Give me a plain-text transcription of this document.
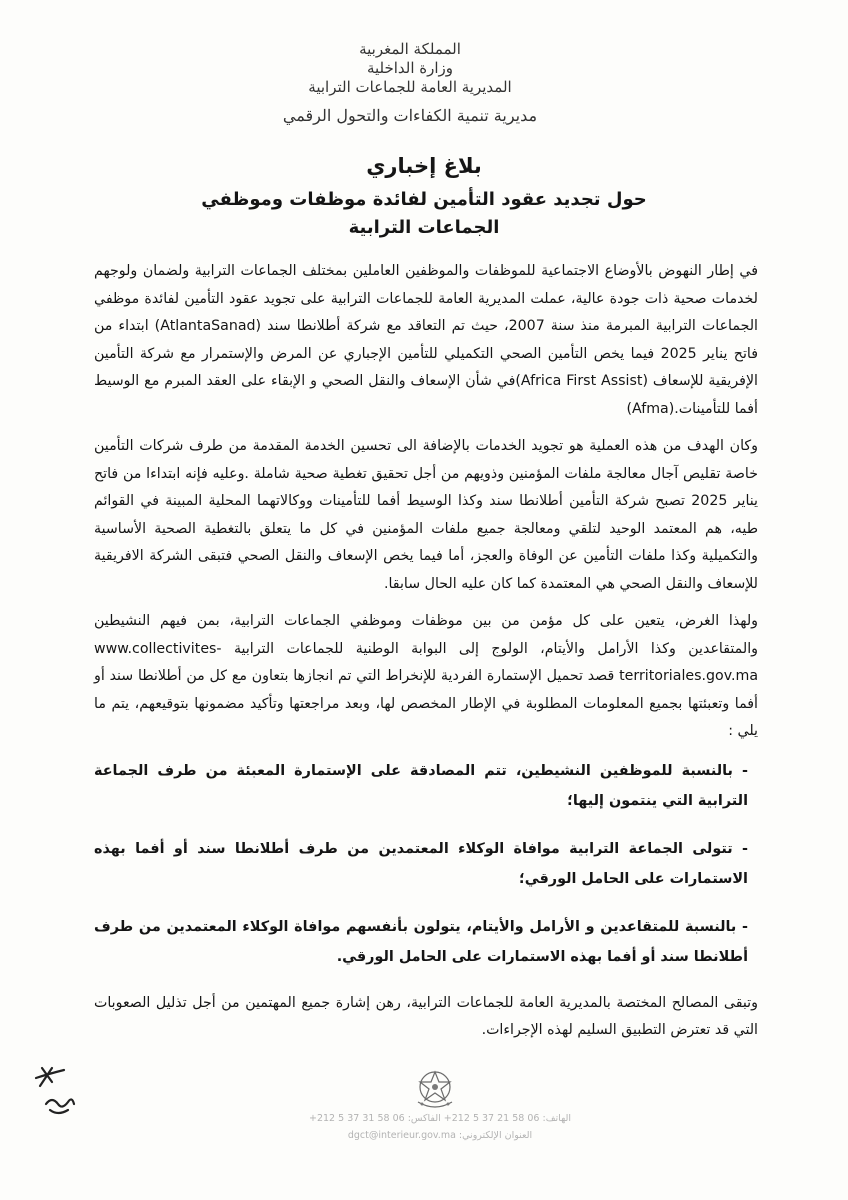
المملكة المغربية
وزارة الداخلية
المديرية العامة للجماعات الترابية
مديرية تنمية الكفاءات والتحول الرقمي
بلاغ إخباري
حول تجديد عقود التأمين لفائدة موظفات وموظفي
الجماعات الترابية

في إطار النهوض بالأوضاع الاجتماعية للموظفات والموظفين العاملين بمختلف الجماعات الترابية ولضمان ولوجهم لخدمات صحية ذات جودة عالية، عملت المديرية العامة للجماعات الترابية على تجويد عقود التأمين لفائدة موظفي الجماعات الترابية المبرمة منذ سنة 2007، حيث تم التعاقد مع شركة أطلانطا سند (AtlantaSanad) ابتداء من فاتح يناير 2025 فيما يخص التأمين الصحي التكميلي للتأمين الإجباري عن المرض والإستمرار مع شركة التأمين الإفريقية للإسعاف (Africa First Assist)في شأن الإسعاف والنقل الصحي و الإبقاء على العقد المبرم مع الوسيط أفما للتأمينات.(Afma)

وكان الهدف من هذه العملية هو تجويد الخدمات بالإضافة الى تحسين الخدمة المقدمة من طرف شركات التأمين خاصة تقليص آجال معالجة ملفات المؤمنين وذويهم من أجل تحقيق تغطية صحية شاملة .وعليه فإنه ابتداءا من فاتح يناير 2025 تصبح شركة التأمين أطلانطا سند وكذا الوسيط أفما للتأمينات ووكالاتهما المحلية المبينة في القوائم طيه، هم المعتمد الوحيد لتلقي ومعالجة جميع ملفات المؤمنين في كل ما يتعلق بالتغطية الصحية الأساسية والتكميلية وكذا ملفات التأمين عن الوفاة والعجز، أما فيما يخص الإسعاف والنقل الصحي فتبقى الشركة الافريقية للإسعاف والنقل الصحي هي المعتمدة كما كان عليه الحال سابقا.

ولهذا الغرض، يتعين على كل مؤمن من بين موظفات وموظفي الجماعات الترابية، بمن فيهم النشيطين والمتقاعدين وكذا الأرامل والأيتام، الولوج إلى البوابة الوطنية للجماعات الترابية www.collectivites-territoriales.gov.ma قصد تحميل الإستمارة الفردية للإنخراط التي تم انجازها بتعاون مع كل من أطلانطا سند أو أفما وتعبئتها بجميع المعلومات المطلوبة في الإطار المخصص لها، وبعد مراجعتها وتأكيد مضمونها بتوقيعهم، يتم ما يلي :

- بالنسبة للموظفين النشيطين، تتم المصادقة على الإستمارة المعبئة من طرف الجماعة الترابية التي ينتمون إليها؛

- تتولى الجماعة الترابية موافاة الوكلاء المعتمدين من طرف أطلانطا سند أو أفما بهذه الاستمارات على الحامل الورقي؛

- بالنسبة للمتقاعدين و الأرامل والأيتام، يتولون بأنفسهم موافاة الوكلاء المعتمدين من طرف أطلانطا سند أو أفما بهذه الاستمارات على الحامل الورقي.

وتبقى المصالح المختصة بالمديرية العامة للجماعات الترابية، رهن إشارة جميع المهتمين من أجل تذليل الصعوبات التي قد تعترض التطبيق السليم لهذه الإجراءات.

الهاتف: 06 58 21 37 5 212+ الفاكس: 06 58 31 37 5 212+
العنوان الإلكتروني: dgct@interieur.gov.ma
